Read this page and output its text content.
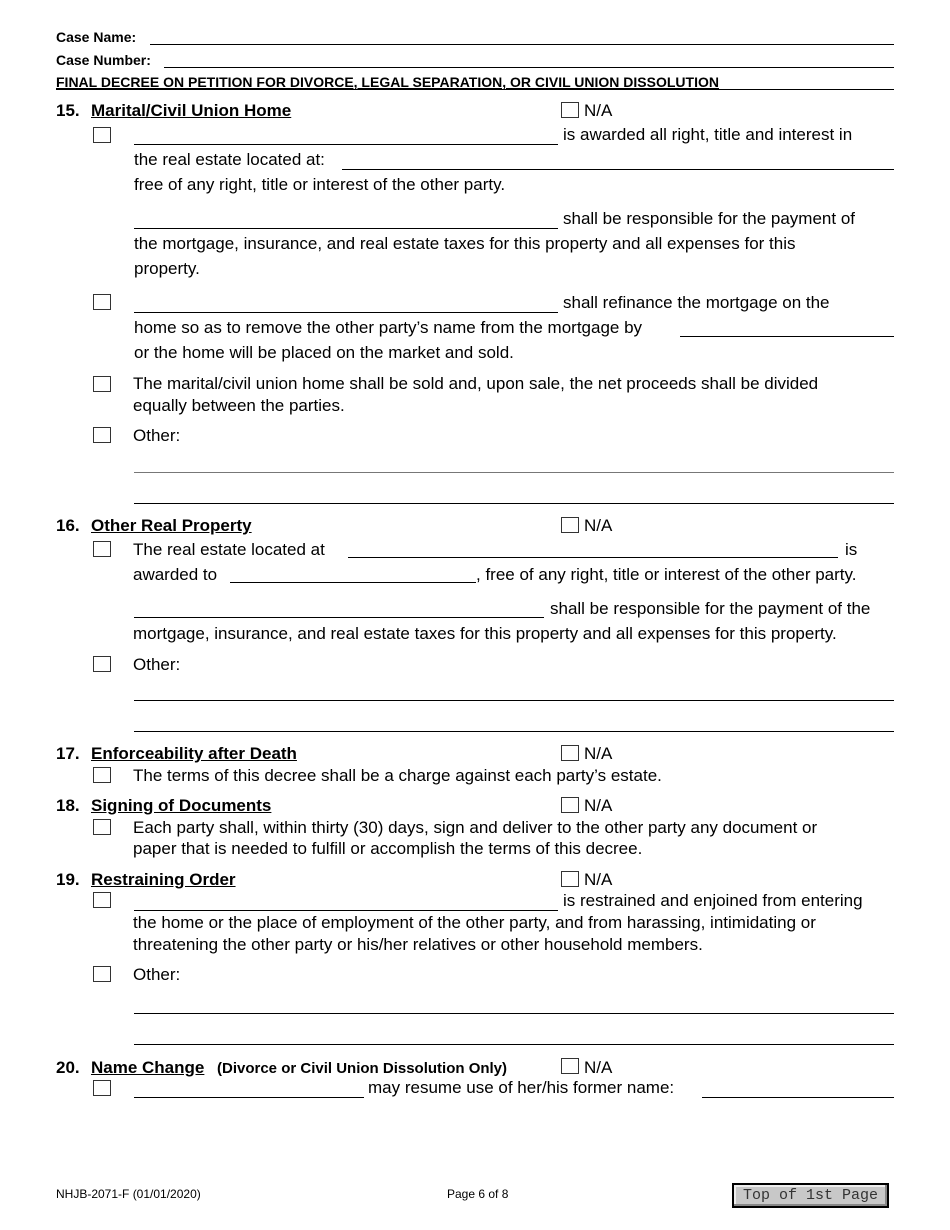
Case Name:
Case Number:
FINAL DECREE ON PETITION FOR DIVORCE, LEGAL SEPARATION, OR CIVIL UNION DISSOLUTION
15. Marital/Civil Union Home	N/A
is awarded all right, title and interest in
the real estate located at:
free of any right, title or interest of the other party.
shall be responsible for the payment of
the mortgage, insurance, and real estate taxes for this property and all expenses for this
property.
shall refinance the mortgage on the
home so as to remove the other party’s name from the mortgage by
or the home will be placed on the market and sold.
The marital/civil union home shall be sold and, upon sale, the net proceeds shall be divided
equally between the parties.
Other:
16. Other Real Property	N/A
The real estate located at	is
awarded to	, free of any right, title or interest of the other party.
shall be responsible for the payment of the
mortgage, insurance, and real estate taxes for this property and all expenses for this property.
Other:
17. Enforceability after Death	N/A
The terms of this decree shall be a charge against each party’s estate.
18. Signing of Documents	N/A
Each party shall, within thirty (30) days, sign and deliver to the other party any document or
paper that is needed to fulfill or accomplish the terms of this decree.
19. Restraining Order	N/A
is restrained and enjoined from entering
the home or the place of employment of the other party, and from harassing, intimidating or
threatening the other party or his/her relatives or other household members.
Other:
20. Name Change (Divorce or Civil Union Dissolution Only)	N/A
may resume use of her/his former name:
NHJB-2071-F (01/01/2020)	Page 6 of 8	Top of 1st Page
